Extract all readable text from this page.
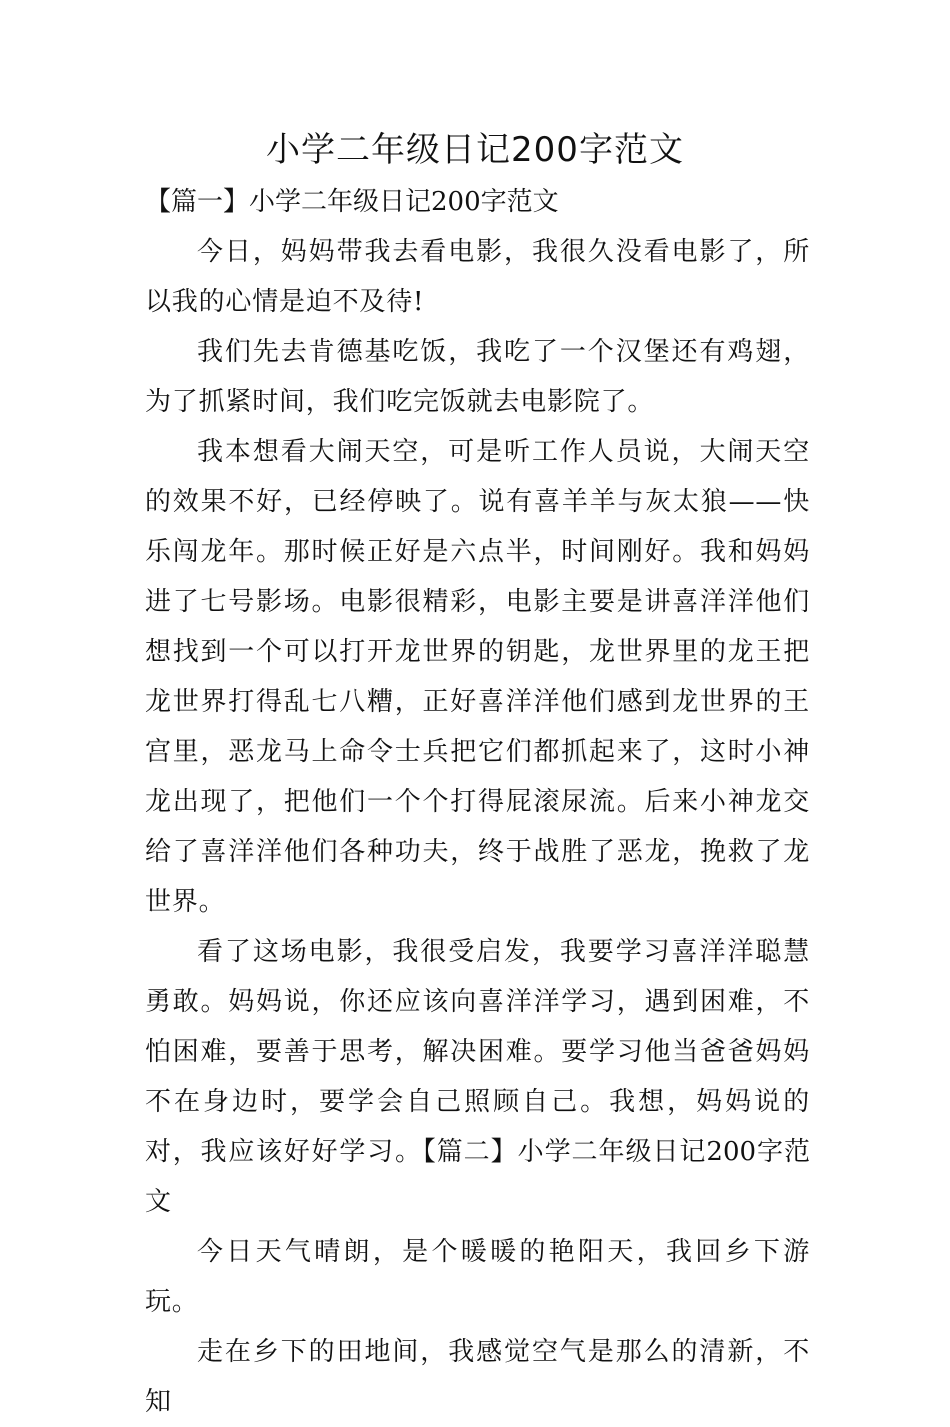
小学二年级日记200字范文

【篇一】小学二年级日记200字范文

今日，妈妈带我去看电影，我很久没看电影了，所以我的心情是迫不及待!

我们先去肯德基吃饭，我吃了一个汉堡还有鸡翅，为了抓紧时间，我们吃完饭就去电影院了。

我本想看大闹天空，可是听工作人员说，大闹天空的效果不好，已经停映了。说有喜羊羊与灰太狼——快乐闯龙年。那时候正好是六点半，时间刚好。我和妈妈进了七号影场。电影很精彩，电影主要是讲喜洋洋他们想找到一个可以打开龙世界的钥匙，龙世界里的龙王把龙世界打得乱七八糟，正好喜洋洋他们感到龙世界的王宫里，恶龙马上命令士兵把它们都抓起来了，这时小神龙出现了，把他们一个个打得屁滚尿流。后来小神龙交给了喜洋洋他们各种功夫，终于战胜了恶龙，挽救了龙世界。

看了这场电影，我很受启发，我要学习喜洋洋聪慧勇敢。妈妈说，你还应该向喜洋洋学习，遇到困难，不怕困难，要善于思考，解决困难。要学习他当爸爸妈妈不在身边时，要学会自己照顾自己。我想，妈妈说的对，我应该好好学习。【篇二】小学二年级日记200字范文

今日天气晴朗，是个暖暖的艳阳天，我回乡下游玩。

走在乡下的田地间，我感觉空气是那么的清新，不知
